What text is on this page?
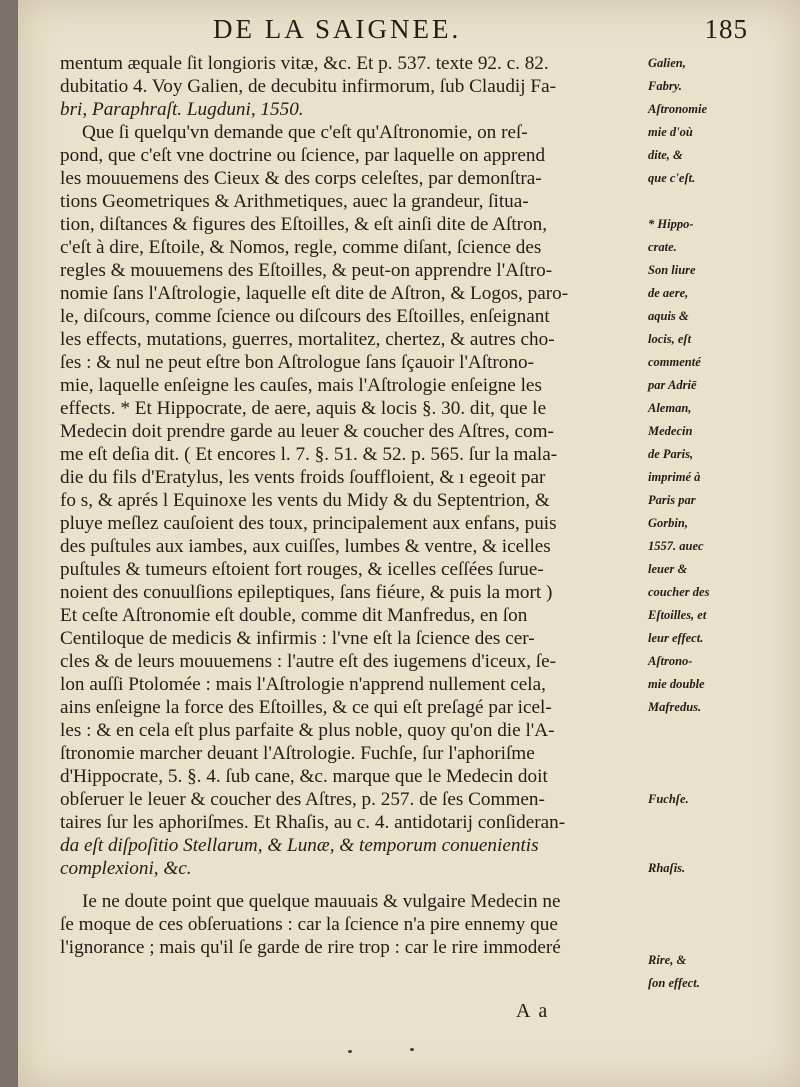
DE LA SAIGNEE.	185
mentum æquale ſit longioris vitæ, &c. Et p. 537. texte 92. c. 82.
dubitatio 4. Voy Galien, de decubitu infirmorum, ſub Claudij Fa-
bri, Paraphraſt. Lugduni, 1550.
Que ſi quelqu'vn demande que c'eſt qu'Aſtronomie, on reſ-
pond, que c'eſt vne doctrine ou ſcience, par laquelle on apprend
les mouuemens des Cieux & des corps celeſtes, par demonſtra-
tions Geometriques & Arithmetiques, auec la grandeur, ſitua-
tion, diſtances & figures des Eſtoilles, & eſt ainſi dite de Aſtron,
c'eſt à dire, Eſtoile, & Nomos, regle, comme diſant, ſcience des
regles & mouuemens des Eſtoilles, & peut-on apprendre l'Aſtro-
nomie ſans l'Aſtrologie, laquelle eſt dite de Aſtron, & Logos, paro-
le, diſcours, comme ſcience ou diſcours des Eſtoilles, enſeignant
les effects, mutations, guerres, mortalitez, chertez, & autres cho-
ſes : & nul ne peut eſtre bon Aſtrologue ſans ſçauoir l'Aſtrono-
mie, laquelle enſeigne les cauſes, mais l'Aſtrologie enſeigne les
effects. * Et Hippocrate, de aere, aquis & locis §. 30. dit, que le
Medecin doit prendre garde au leuer & coucher des Aſtres, com-
me eſt deſia dit. ( Et encores l. 7. §. 51. & 52. p. 565. ſur la mala-
die du fils d'Eratylus, les vents froids ſouffloient, & ı egeoit par
fo s, & aprés l Equinoxe les vents du Midy & du Septentrion, &
pluye meſlez cauſoient des toux, principalement aux enfans, puis
des puſtules aux iambes, aux cuiſſes, lumbes & ventre, & icelles
puſtules & tumeurs eſtoient fort rouges, & icelles ceſſées ſurue-
noient des conuulſions epileptiques, ſans fiéure, & puis la mort )
Et ceſte Aſtronomie eſt double, comme dit Manfredus, en ſon
Centiloque de medicis & infirmis : l'vne eſt la ſcience des cer-
cles & de leurs mouuemens : l'autre eſt des iugemens d'iceux, ſe-
lon auſſi Ptolomée : mais l'Aſtrologie n'apprend nullement cela,
ains enſeigne la force des Eſtoilles, & ce qui eſt preſagé par icel-
les : & en cela eſt plus parfaite & plus noble, quoy qu'on die l'A-
ſtronomie marcher deuant l'Aſtrologie. Fuchſe, ſur l'aphoriſme
d'Hippocrate, 5. §. 4. ſub cane, &c. marque que le Medecin doit
obſeruer le leuer & coucher des Aſtres, p. 257. de ſes Commen-
taires ſur les aphoriſmes. Et Rhaſis, au c. 4. antidotarij conſideran-
da eſt diſpoſitio Stellarum, & Lunæ, & temporum conuenientis
complexioni, &c.
Ie ne doute point que quelque mauuais & vulgaire Medecin ne
ſe moque de ces obſeruations : car la ſcience n'a pire ennemy que
l'ignorance ; mais qu'il ſe garde de rire trop : car le rire immoderé
Galien,
Fabry.
Aſtronomie
mie d'où
dite, &
que c'eſt.
* Hippo-
crate.
Son liure
de aere,
aquis &
locis, eſt
commenté
par Adriē
Aleman,
Medecin
de Paris,
imprimé à
Paris par
Gorbin,
1557. auec
leuer &
coucher des
Eſtoilles, et
leur effect.
Aſtrono-
mie double
Mafredus.
Fuchſe.
Rhaſis.
Rire, &
ſon effect.
A a
